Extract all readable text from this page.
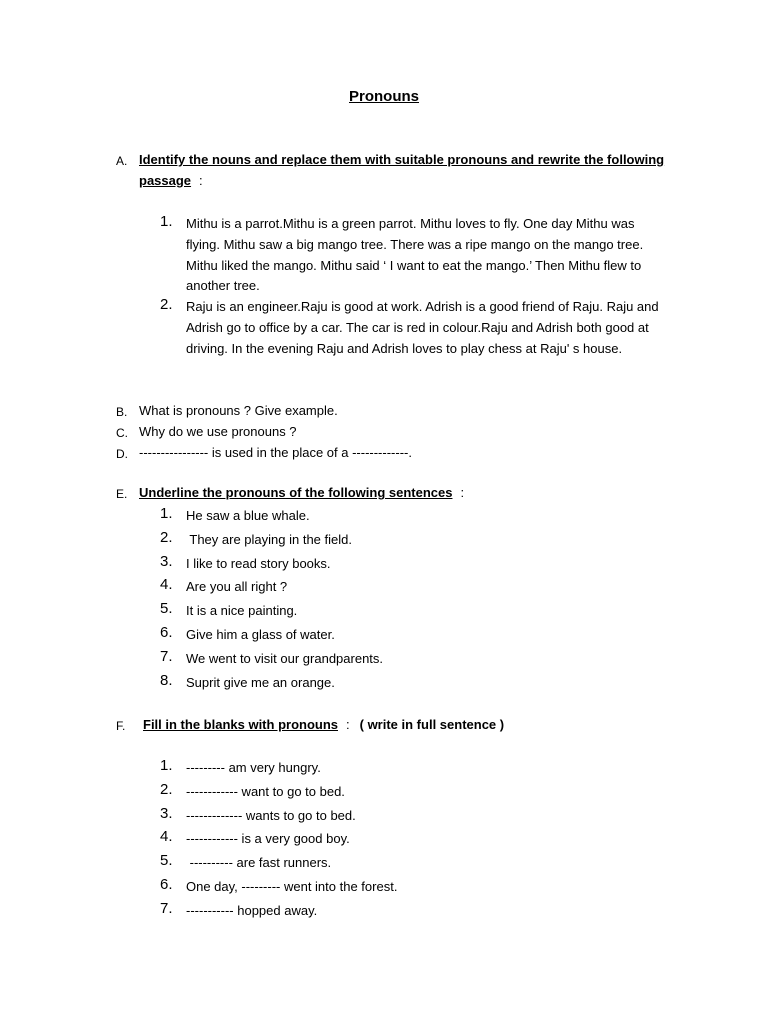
Pronouns
A. Identify the nouns and replace them with suitable pronouns and rewrite the following passage :
1. Mithu is a parrot.Mithu is a green parrot. Mithu loves to fly. One day Mithu was flying. Mithu saw a big mango tree. There was a ripe mango on the mango tree. Mithu liked the mango. Mithu said ‘ I want to eat the mango.’ Then Mithu flew to another tree.
2. Raju is an engineer.Raju is good at work. Adrish is a good friend of Raju. Raju and Adrish go to office by a car. The car is red in colour.Raju and Adrish both good at driving. In the evening Raju and Adrish loves to play chess at Raju' s house.
B. What is pronouns ? Give example.
C. Why do we use pronouns ?
D. ---------------- is used in the place of a -------------.
E. Underline the pronouns of the following sentences :
1. He saw a blue whale.
2. They are playing in the field.
3. I like to read story books.
4. Are you all right ?
5. It is a nice painting.
6. Give him a glass of water.
7. We went to visit our grandparents.
8. Suprit give me an orange.
F. Fill in the blanks with pronouns : ( write in full sentence )
1. --------- am very hungry.
2. ------------ want to go to bed.
3. ------------- wants to go to bed.
4. ------------ is a very good boy.
5. ---------- are fast runners.
6. One day, --------- went into the forest.
7. ----------- hopped away.
